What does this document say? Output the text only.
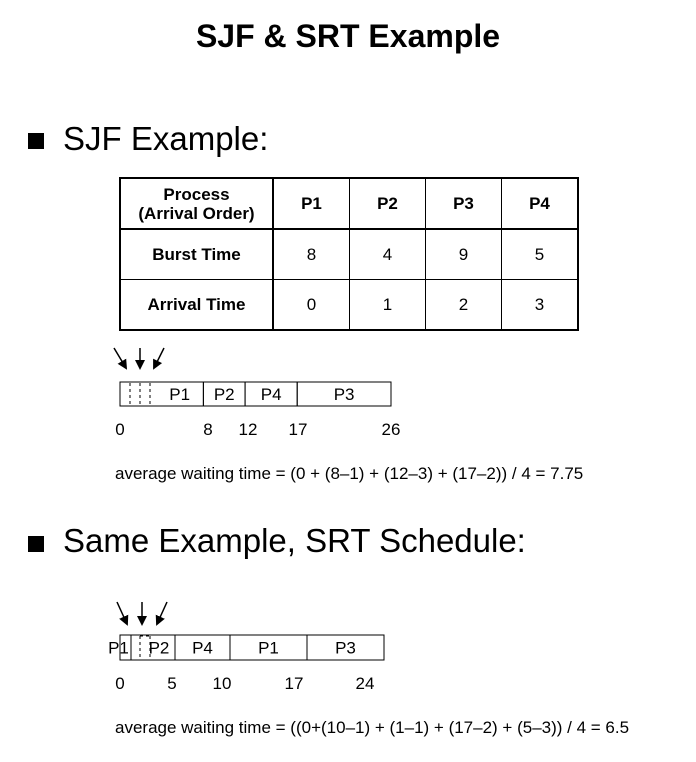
SJF & SRT Example
SJF Example:
Process
(Arrival Order)	P1	P2	P3	P4
Burst Time	8	4	9	5
Arrival Time	0	1	2	3
P1 P2 P4	P3
0	8 12 17	26
average waiting time = (0 + (8–1) + (12–3) + (17–2)) / 4 = 7.75
Same Example, SRT Schedule:
P1 P2 P4	P1	P3
0	5 10	17	24
average waiting time = ((0+(10–1) + (1–1) + (17–2) + (5–3)) / 4 = 6.5
